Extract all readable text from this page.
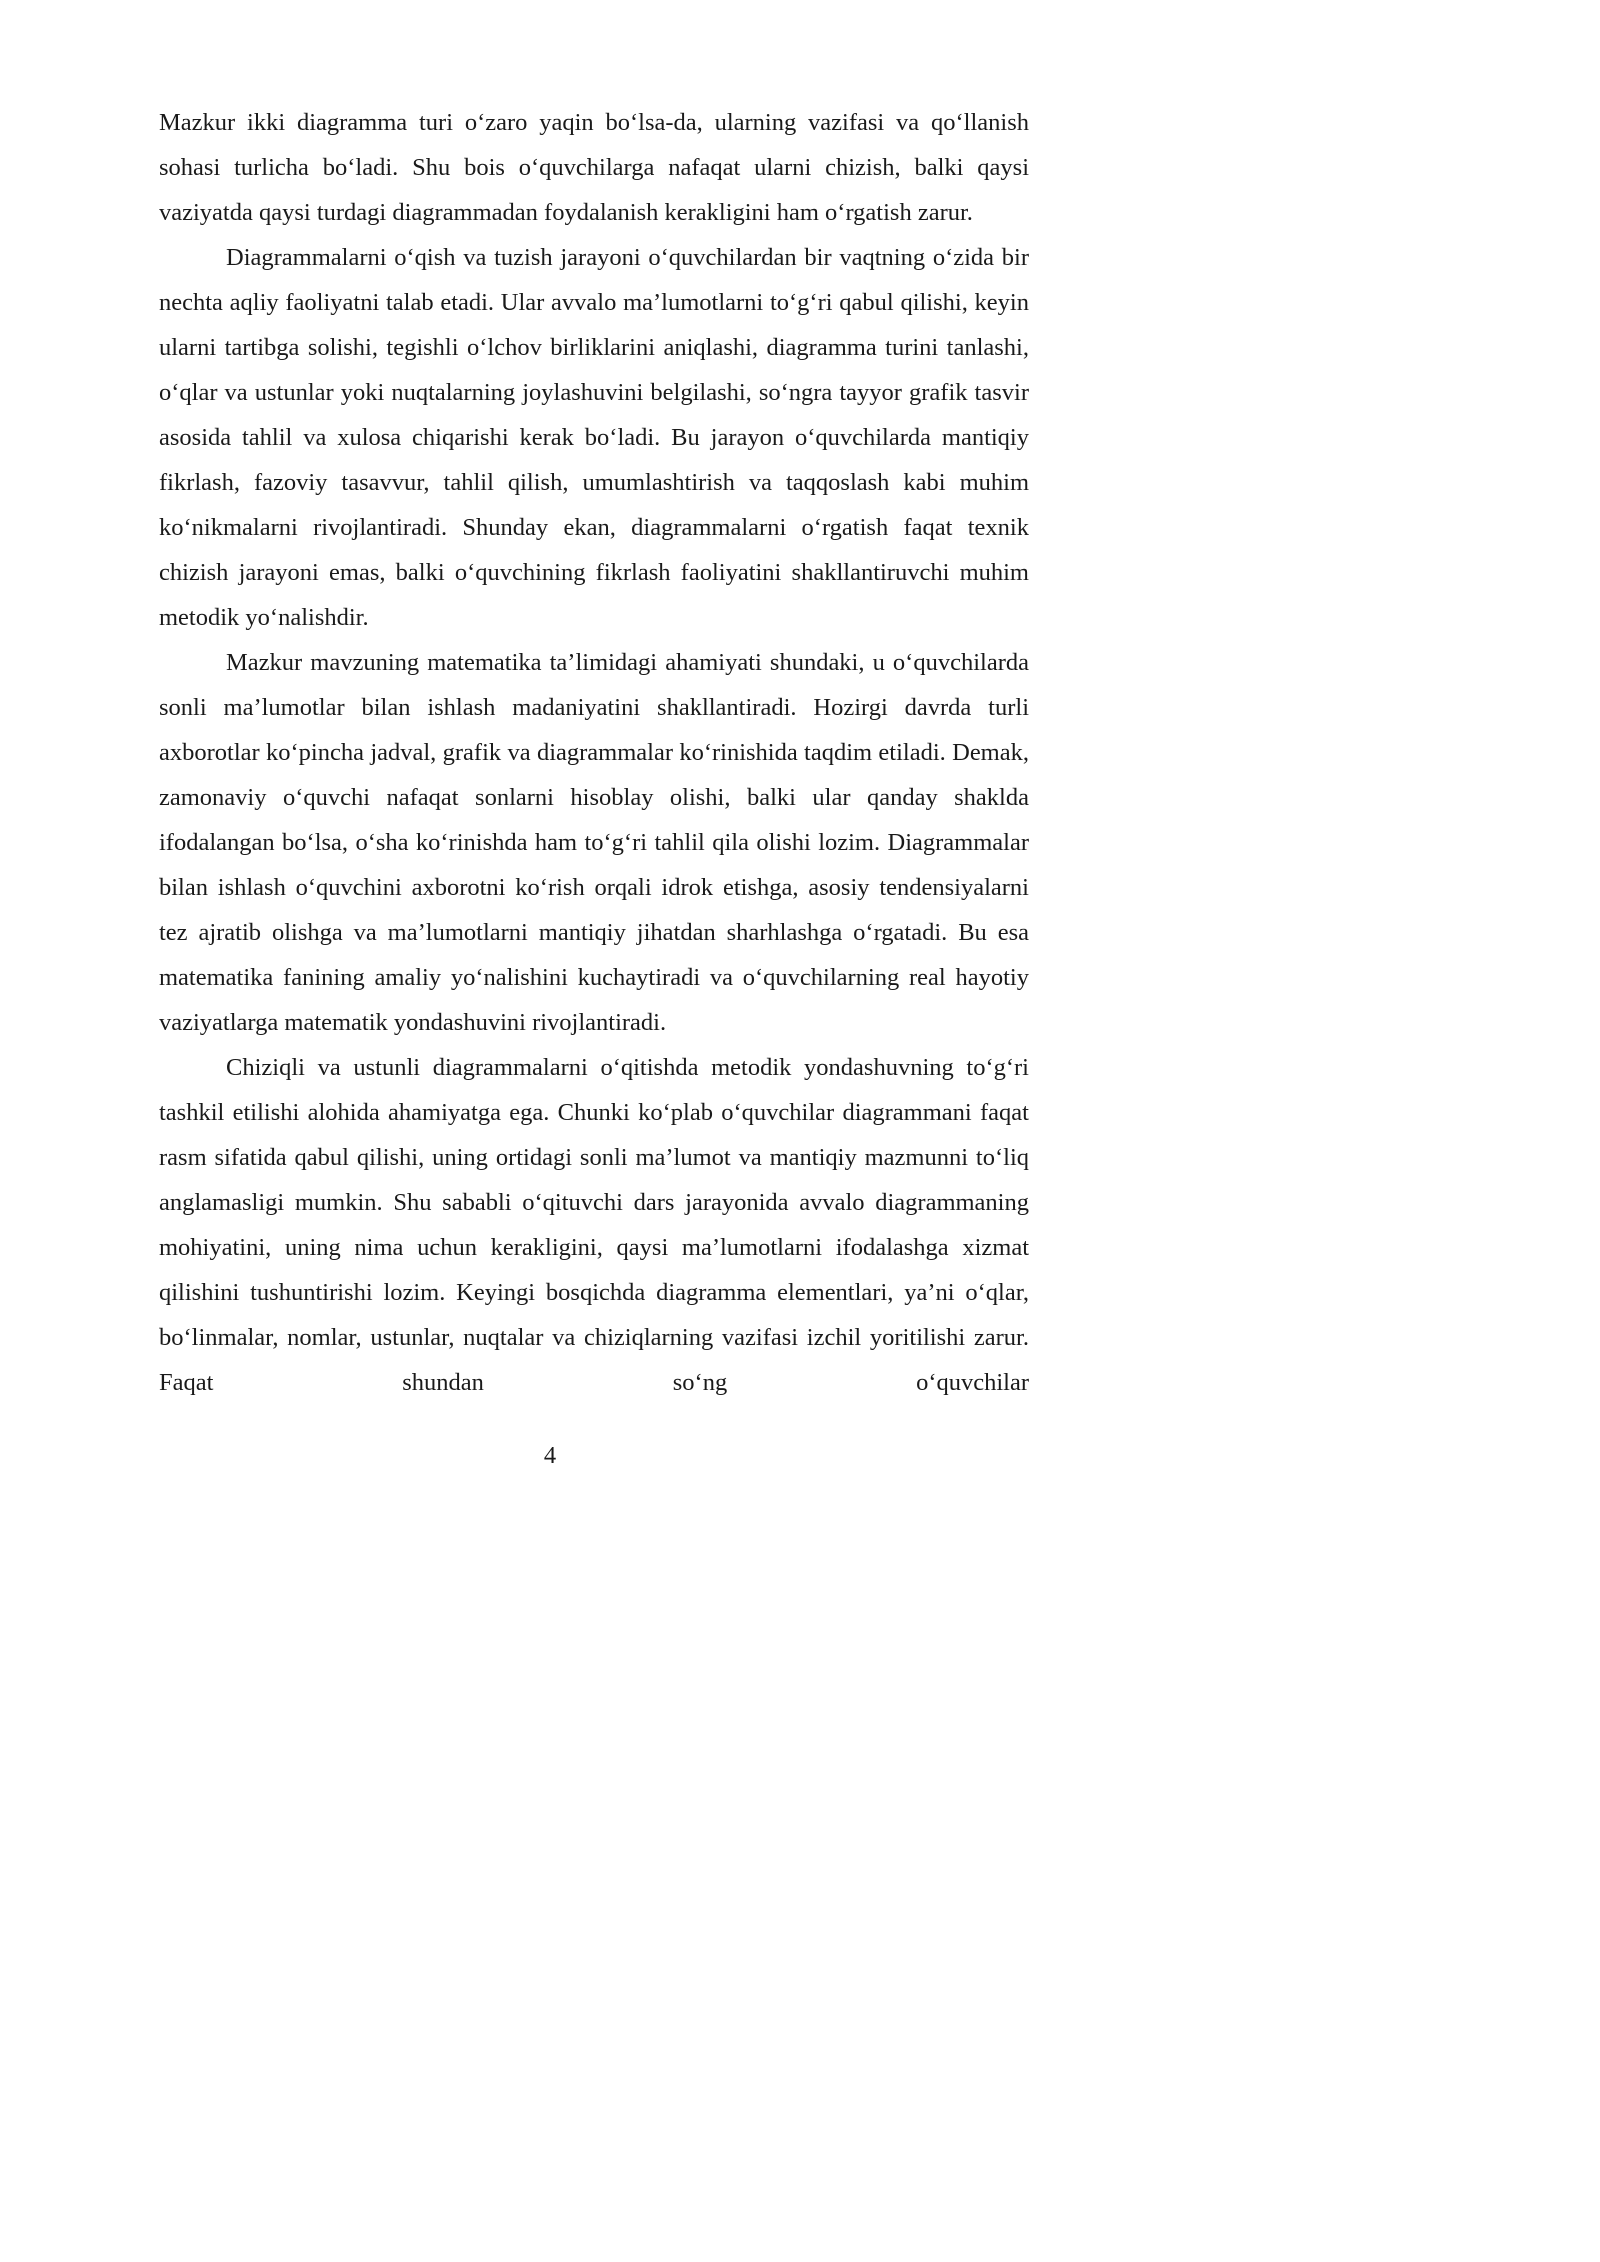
Mazkur ikki diagramma turi o‘zaro yaqin bo‘lsa-da, ularning vazifasi va qo‘llanish sohasi turlicha bo‘ladi. Shu bois o‘quvchilarga nafaqat ularni chizish, balki qaysi vaziyatda qaysi turdagi diagrammadan foydalanish kerakligini ham o‘rgatish zarur.

Diagrammalarni o‘qish va tuzish jarayoni o‘quvchilardan bir vaqtning o‘zida bir nechta aqliy faoliyatni talab etadi. Ular avvalo ma’lumotlarni to‘g‘ri qabul qilishi, keyin ularni tartibga solishi, tegishli o‘lchov birliklarini aniqlashi, diagramma turini tanlashi, o‘qlar va ustunlar yoki nuqtalarning joylashuvini belgilashi, so‘ngra tayyor grafik tasvir asosida tahlil va xulosa chiqarishi kerak bo‘ladi. Bu jarayon o‘quvchilarda mantiqiy fikrlash, fazoviy tasavvur, tahlil qilish, umumlashtirish va taqqoslash kabi muhim ko‘nikmalarni rivojlantiradi. Shunday ekan, diagrammalarni o‘rgatish faqat texnik chizish jarayoni emas, balki o‘quvchining fikrlash faoliyatini shakllantiruvchi muhim metodik yo‘nalishdir.

Mazkur mavzuning matematika ta’limidagi ahamiyati shundaki, u o‘quvchilarda sonli ma’lumotlar bilan ishlash madaniyatini shakllantiradi. Hozirgi davrda turli axborotlar ko‘pincha jadval, grafik va diagrammalar ko‘rinishida taqdim etiladi. Demak, zamonaviy o‘quvchi nafaqat sonlarni hisoblay olishi, balki ular qanday shaklda ifodalangan bo‘lsa, o‘sha ko‘rinishda ham to‘g‘ri tahlil qila olishi lozim. Diagrammalar bilan ishlash o‘quvchini axborotni ko‘rish orqali idrok etishga, asosiy tendensiyalarni tez ajratib olishga va ma’lumotlarni mantiqiy jihatdan sharhlashga o‘rgatadi. Bu esa matematika fanining amaliy yo‘nalishini kuchaytiradi va o‘quvchilarning real hayotiy vaziyatlarga matematik yondashuvini rivojlantiradi.

Chiziqli va ustunli diagrammalarni o‘qitishda metodik yondashuvning to‘g‘ri tashkil etilishi alohida ahamiyatga ega. Chunki ko‘plab o‘quvchilar diagrammani faqat rasm sifatida qabul qilishi, uning ortidagi sonli ma’lumot va mantiqiy mazmunni to‘liq anglamasligi mumkin. Shu sababli o‘qituvchi dars jarayonida avvalo diagrammaning mohiyatini, uning nima uchun kerakligini, qaysi ma’lumotlarni ifodalashga xizmat qilishini tushuntirishi lozim. Keyingi bosqichda diagramma elementlari, ya’ni o‘qlar, bo‘linmalar, nomlar, ustunlar, nuqtalar va chiziqlarning vazifasi izchil yoritilishi zarur. Faqat shundan so‘ng o‘quvchilar

4
